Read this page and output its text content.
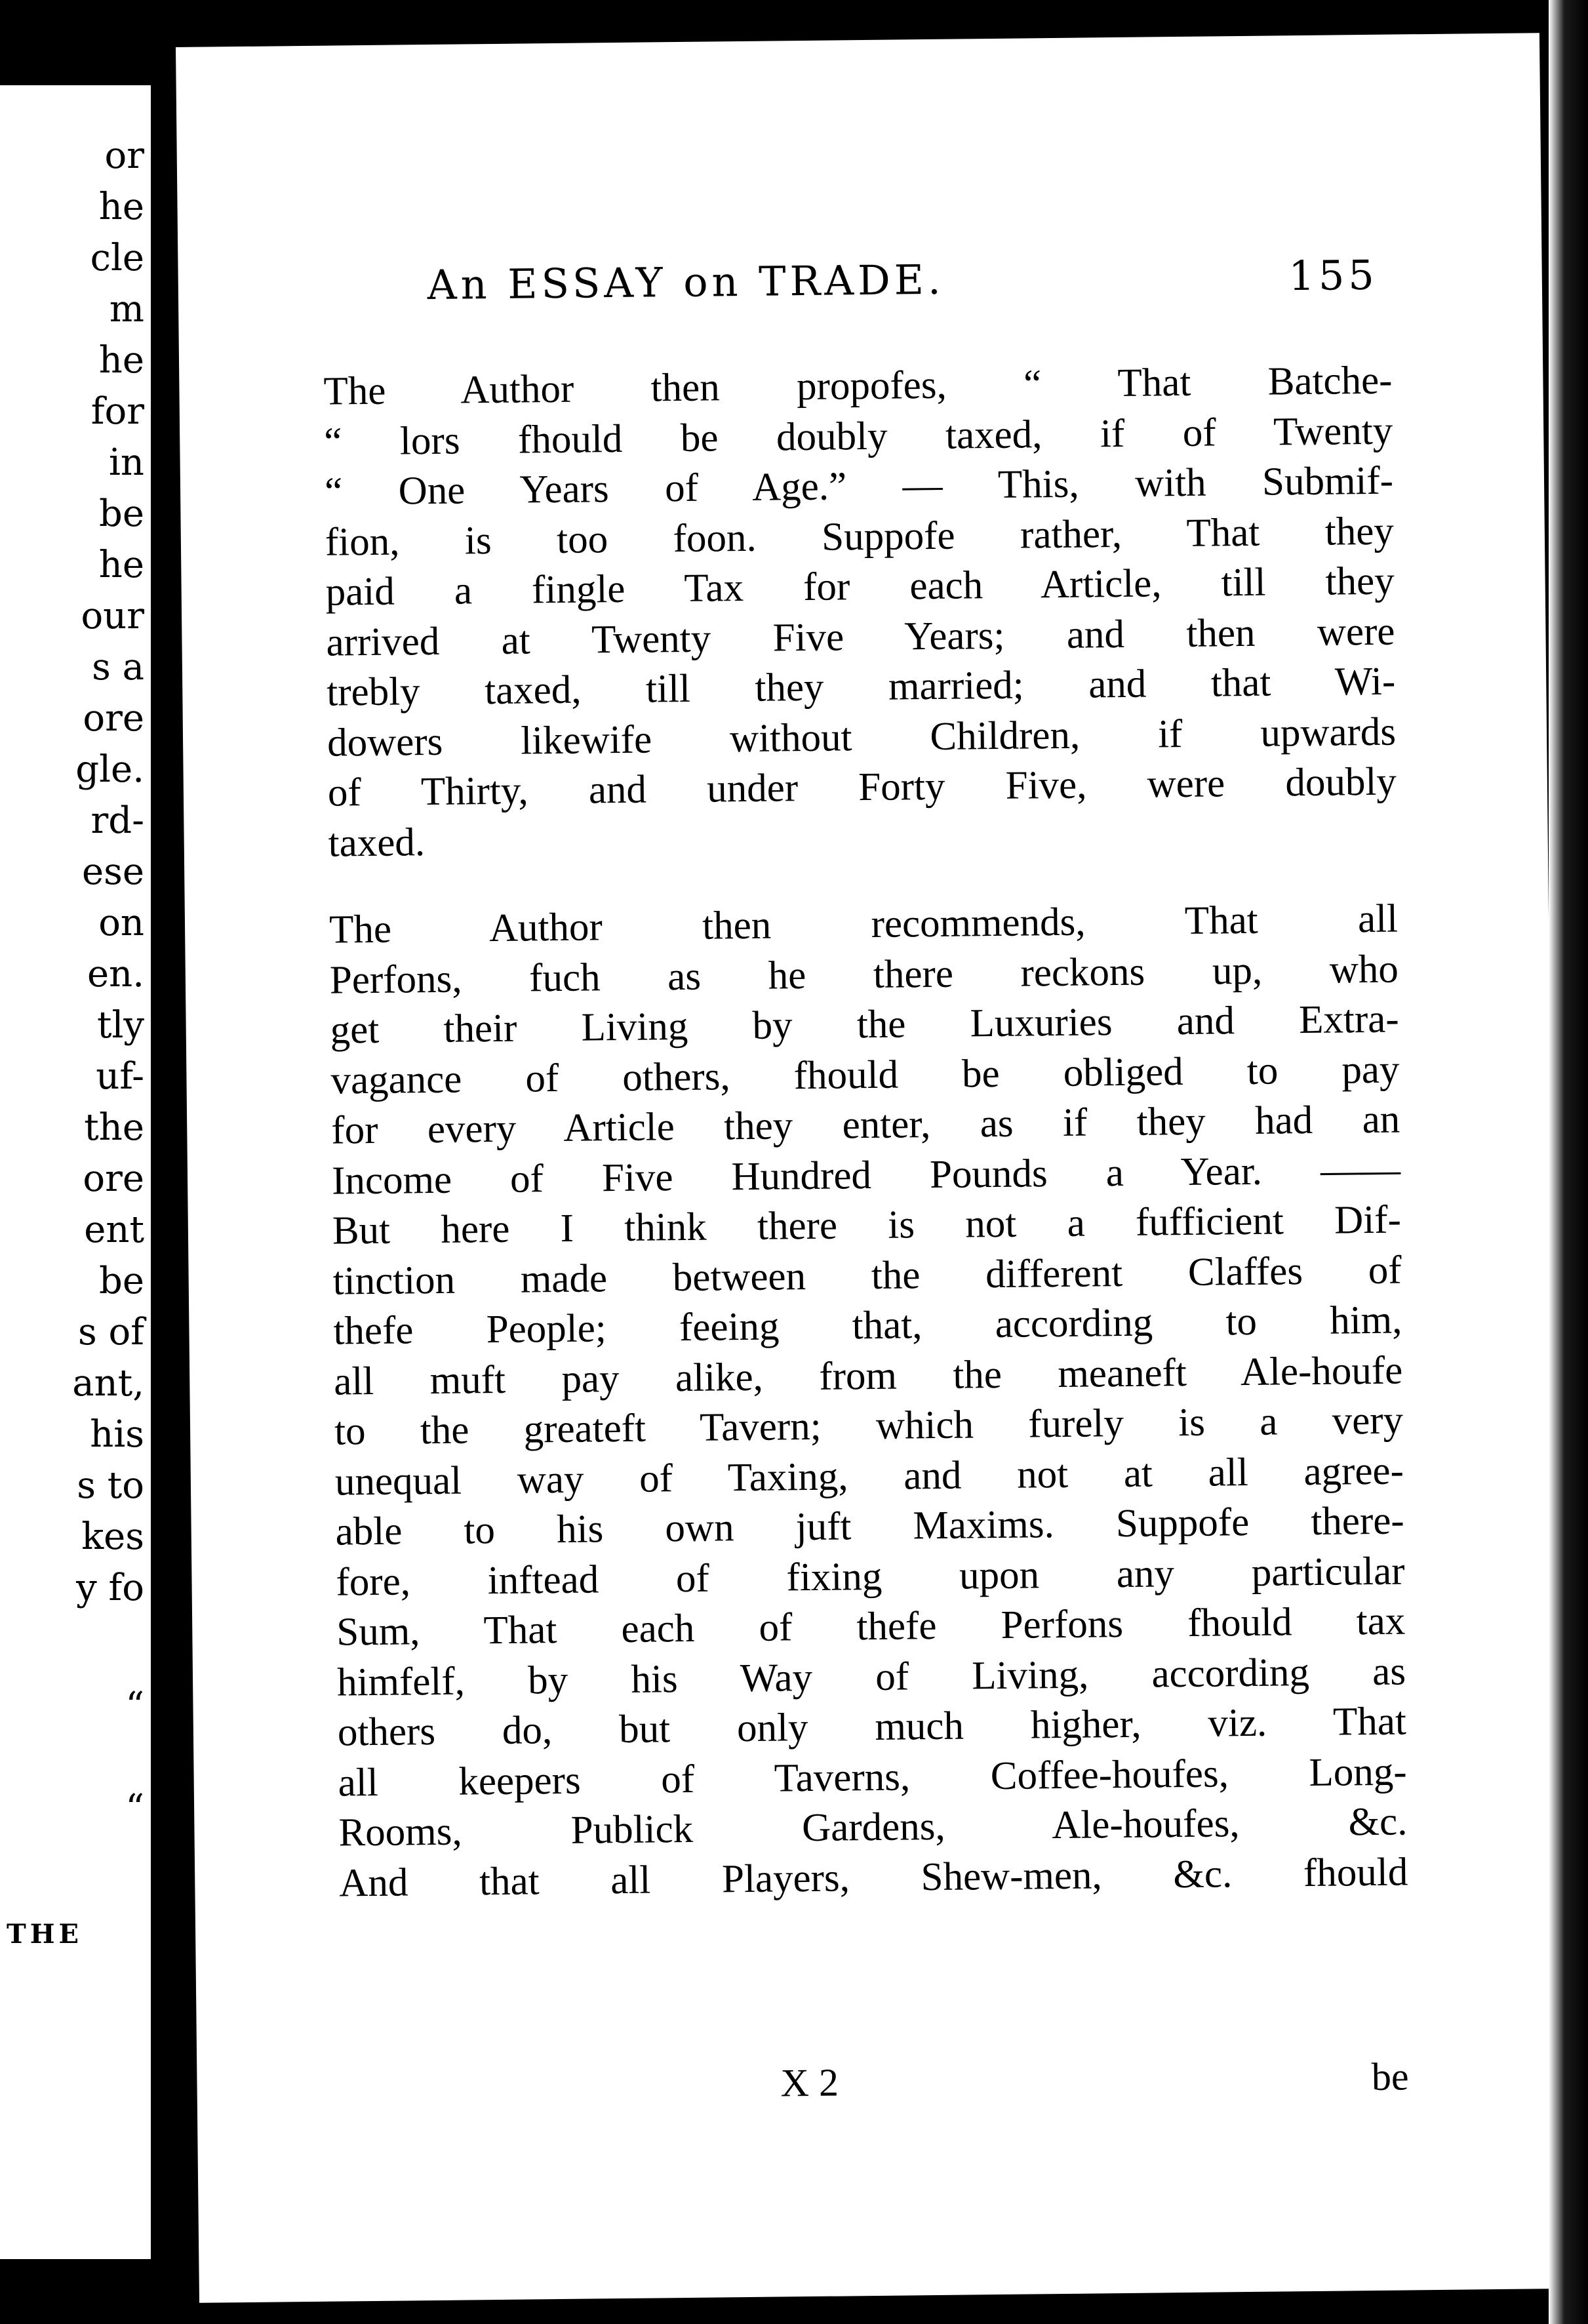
or
he
cle
m
he
for
in
be
he
our
s a
ore
gle.
rd-
ese
on
en.
tly
uf-
the
ore
ent
be
s of
ant,
his
s to
kes
y fo
“
“
THE
An ESSAY on TRADE.	155
The Author then propofes, “ That Batche-
“ lors fhould be doubly taxed, if of Twenty
“ One Years of Age.” — This, with Submif-
fion, is too foon. Suppofe rather, That they
paid a fingle Tax for each Article, till they
arrived at Twenty Five Years; and then were
trebly taxed, till they married; and that Wi-
dowers likewife without Children, if upwards
of Thirty, and under Forty Five, were doubly
taxed.
The Author then recommends, That all
Perfons, fuch as he there reckons up, who
get their Living by the Luxuries and Extra-
vagance of others, fhould be obliged to pay
for every Article they enter, as if they had an
Income of Five Hundred Pounds a Year. ——
But here I think there is not a fufficient Dif-
tinction made between the different Claffes of
thefe People; feeing that, according to him,
all muft pay alike, from the meaneft Ale-houfe
to the greateft Tavern; which furely is a very
unequal way of Taxing, and not at all agree-
able to his own juft Maxims. Suppofe there-
fore, inftead of fixing upon any particular
Sum, That each of thefe Perfons fhould tax
himfelf, by his Way of Living, according as
others do, but only much higher, viz. That
all keepers of Taverns, Coffee-houfes, Long-
Rooms, Publick Gardens, Ale-houfes, &c.
And that all Players, Shew-men, &c. fhould
X 2	be
